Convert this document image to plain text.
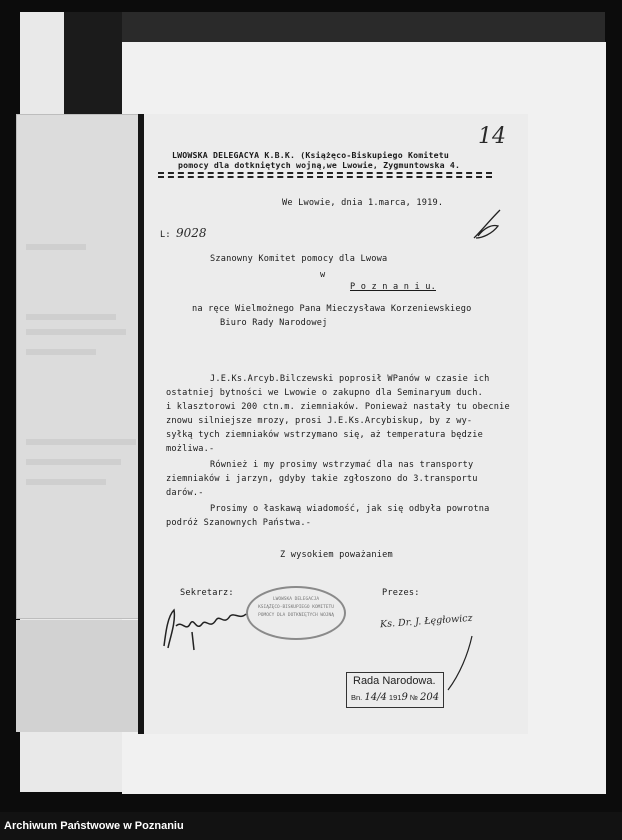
LWOWSKA DELEGACYA K.B.K. (Książęco-Biskupiego Komitetu
pomocy dla dotkniętych wojną,we Lwowie, Zygmuntowska 4.
14
We Lwowie, dnia 1.marca, 1919.
L: 9028
Szanowny Komitet pomocy dla Lwowa
w
P o z n a n i u.
na ręce Wielmożnego Pana Mieczysława Korzeniewskiego
Biuro Rady Narodowej
J.E.Ks.Arcyb.Bilczewski poprosił WPanów w czasie ich
ostatniej bytności we Lwowie o zakupno dla Seminaryum duch.
i klasztorowi 200 ctn.m. ziemniaków. Ponieważ nastały tu obecnie
znowu silniejsze mrozy, prosi J.E.Ks.Arcybiskup, by z wy-
syłką tych ziemniaków wstrzymano się, aż temperatura będzie
możliwa.-
Również i my prosimy wstrzymać dla nas transporty
ziemniaków i jarzyn, gdyby takie zgłoszono do 3.transportu
darów.-
Prosimy o łaskawą wiadomość, jak się odbyła powrotna
podróż Szanownych Państwa.-
Z wysokiem poważaniem
Sekretarz:	Prezes:
LWOWSKA DELEGACJA
KSIĄŻĘCO-BISKUPIEGO KOMITETU
POMOCY DLA DOTKNIĘTYCH WOJNĄ	Ks. Dr. J. Łęgłowicz
Rada Narodowa.
Bn. 14/4 1919 № 204
Archiwum Państwowe w Poznaniu
